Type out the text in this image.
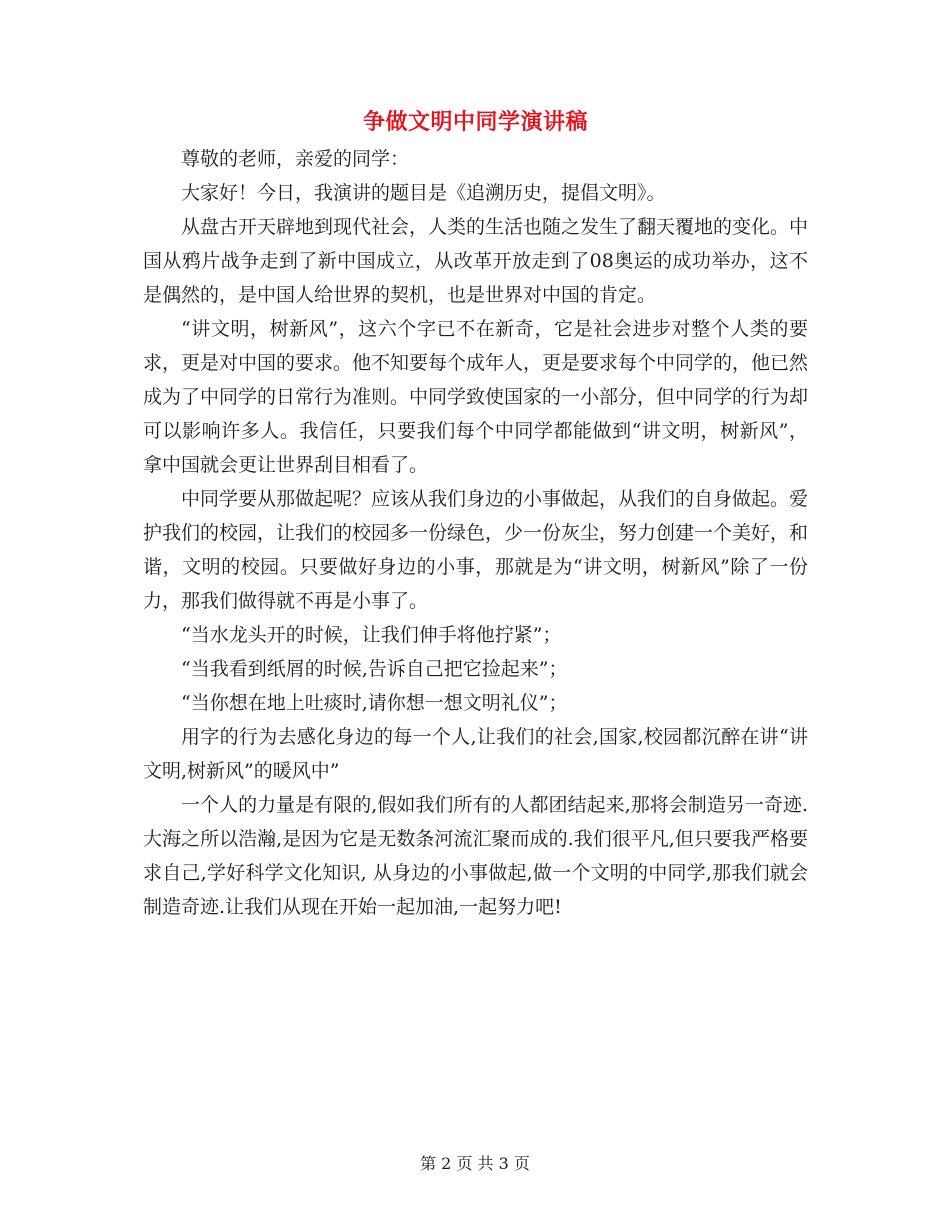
争做文明中同学演讲稿

尊敬的老师，亲爱的同学：

大家好！今日，我演讲的题目是《追溯历史，提倡文明》。

从盘古开天辟地到现代社会，人类的生活也随之发生了翻天覆地的变化。中国从鸦片战争走到了新中国成立，从改革开放走到了08奥运的成功举办，这不是偶然的，是中国人给世界的契机，也是世界对中国的肯定。

“讲文明，树新风”，这六个字已不在新奇，它是社会进步对整个人类的要求，更是对中国的要求。他不知要每个成年人，更是要求每个中同学的，他已然成为了中同学的日常行为准则。中同学致使国家的一小部分，但中同学的行为却可以影响许多人。我信任，只要我们每个中同学都能做到“讲文明，树新风”，拿中国就会更让世界刮目相看了。

中同学要从那做起呢？应该从我们身边的小事做起，从我们的自身做起。爱护我们的校园，让我们的校园多一份绿色，少一份灰尘，努力创建一个美好，和谐，文明的校园。只要做好身边的小事，那就是为“讲文明，树新风”除了一份力，那我们做得就不再是小事了。

“当水龙头开的时候，让我们伸手将他拧紧”；

“当我看到纸屑的时候,告诉自己把它捡起来”；

“当你想在地上吐痰时,请你想一想文明礼仪”；

用字的行为去感化身边的每一个人,让我们的社会,国家,校园都沉醉在讲“讲文明,树新风”的暖风中”

一个人的力量是有限的,假如我们所有的人都团结起来,那将会制造另一奇迹.大海之所以浩瀚,是因为它是无数条河流汇聚而成的.我们很平凡,但只要我严格要求自己,学好科学文化知识, 从身边的小事做起,做一个文明的中同学,那我们就会制造奇迹.让我们从现在开始一起加油,一起努力吧!

第 2 页 共 3 页
